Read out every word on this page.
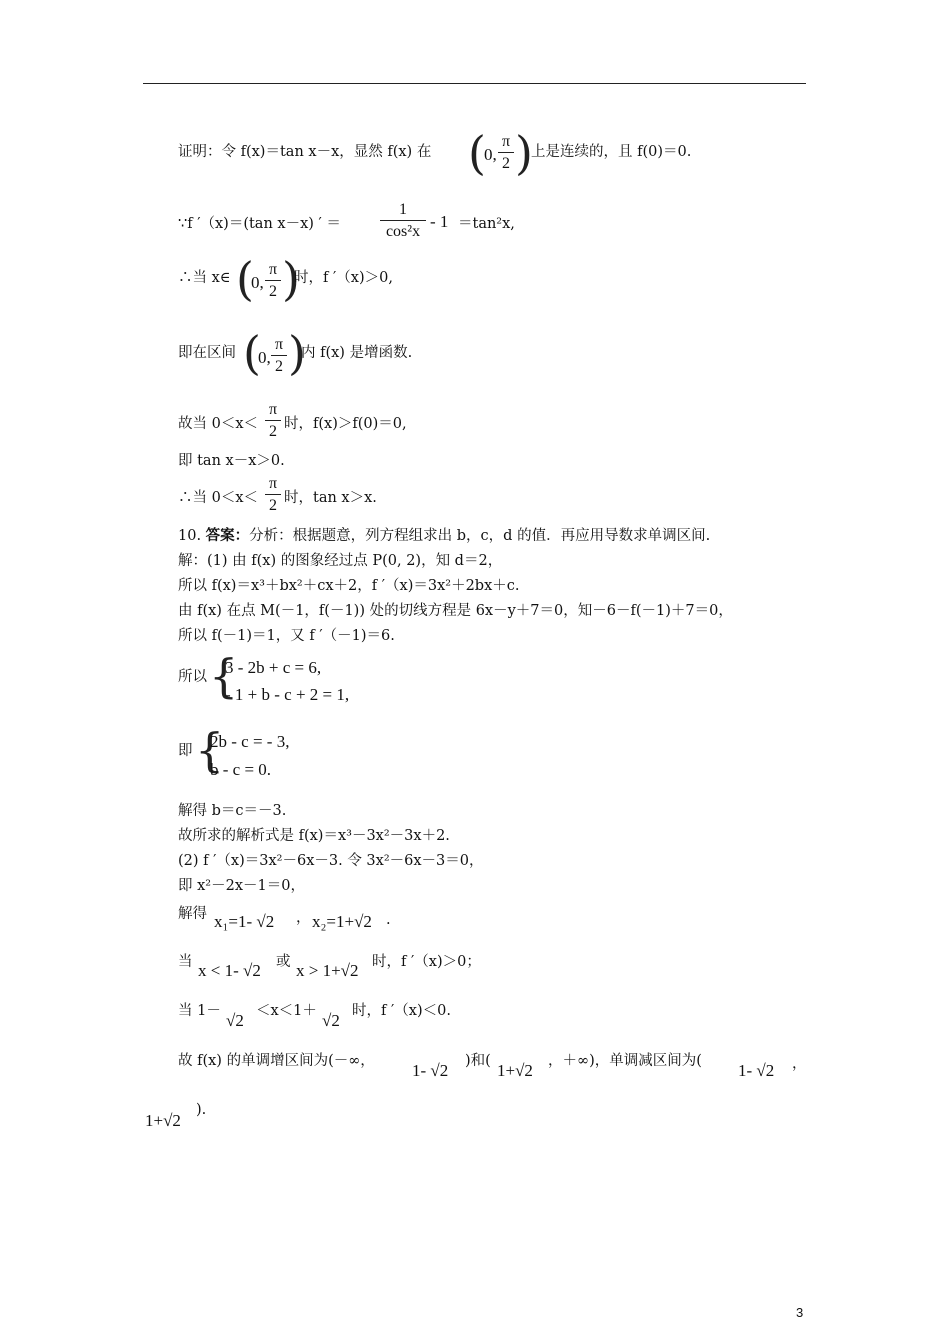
证明：令 f(x)＝tan x－x，显然 f(x) 在 (
0,
π
2 )
上是连续的，且 f(0)＝0.
∵f ′（x)＝(tan x－x) ′ ＝
1
cos²x
- 1 ＝tan²x,
∴当 x∈ (
0,
π
2 )
时，f ′（x)＞0,
即在区间 (
0,
π
2 )
内 f(x) 是增函数.
故当 0＜x＜
π
2 时，f(x)＞f(0)＝0,
即 tan x－x＞0.
∴当 0＜x＜
π
2 时，tan x＞x.
10. 答案：分析：根据题意，列方程组求出 b，c，d 的值．再应用导数求单调区间.
解：(1) 由 f(x) 的图象经过点 P(0, 2)，知 d＝2，
所以 f(x)＝x³＋bx²＋cx＋2，f ′（x)＝3x²＋2bx＋c.
由 f(x) 在点 M(－1，f(－1)) 处的切线方程是 6x－y＋7＝0，知－6－f(－1)＋7＝0，
所以 f(－1)＝1，又 f ′（－1)＝6.
所以 {
3 - 2b + c = 6,
- 1 + b - c + 2 = 1,
即 {
2b - c = - 3,
b - c = 0.
解得 b＝c＝－3.
故所求的解析式是 f(x)＝x³－3x²－3x＋2.
(2) f ′（x)＝3x²－6x－3. 令 3x²－6x－3＝0，
即 x²－2x－1＝0，
解得 x₁=1- √2 ， x₂=1+√2 .
当 x < 1- √2 或 x > 1+√2 时，f ′（x)＞0；
当 1－ √2 ＜x＜1＋ √2 时，f ′（x)＜0.
故 f(x) 的单调增区间为(－∞， 1- √2 )和( 1+√2 ，＋∞)，单调减区间为( 1- √2 ，
1+√2
).
3
